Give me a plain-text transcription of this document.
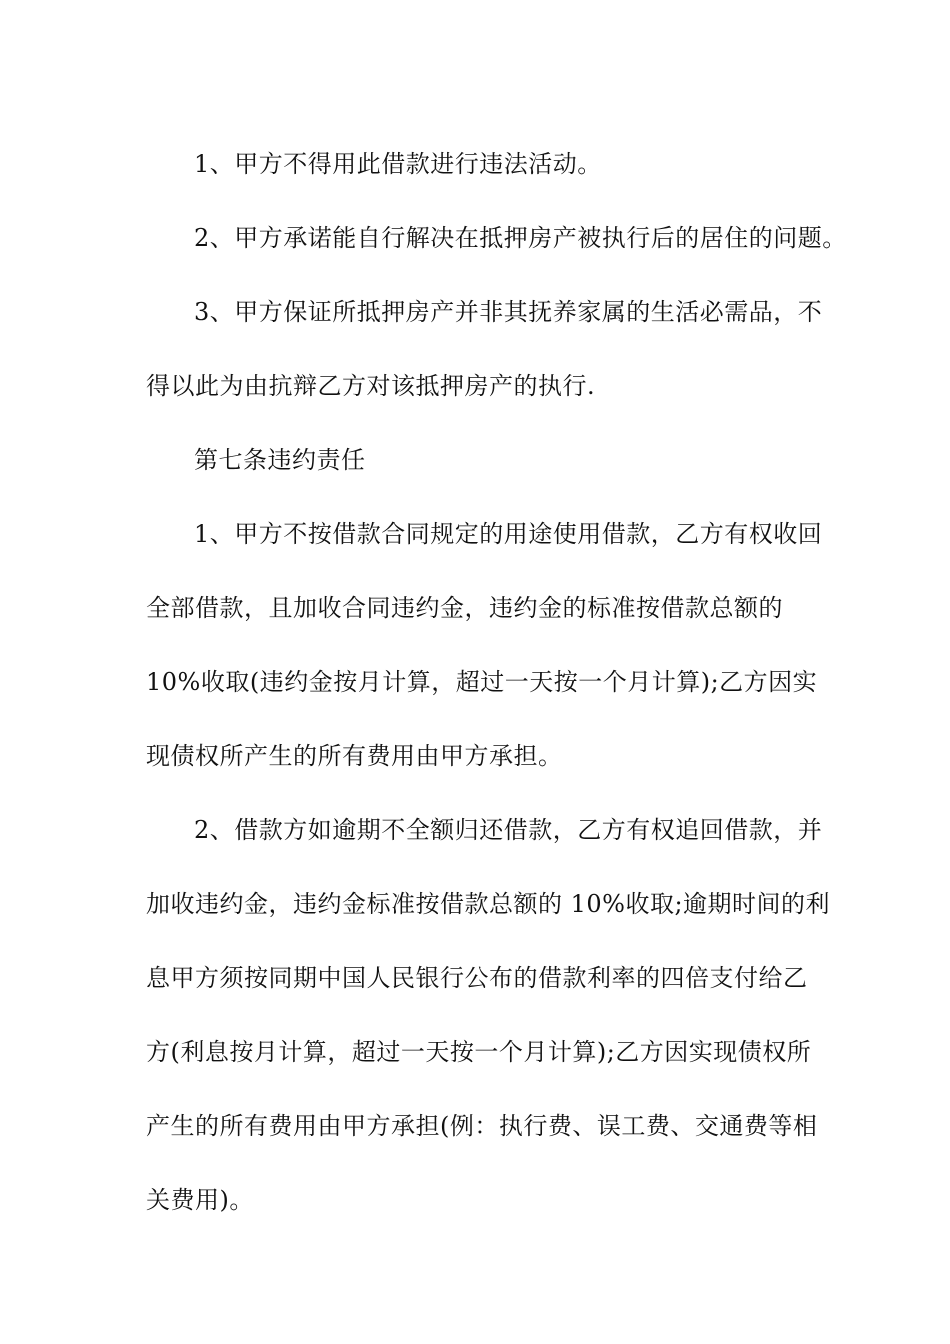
1、甲方不得用此借款进行违法活动。
2、甲方承诺能自行解决在抵押房产被执行后的居住的问题。
3、甲方保证所抵押房产并非其抚养家属的生活必需品，不
得以此为由抗辩乙方对该抵押房产的执行.
第七条违约责任
1、甲方不按借款合同规定的用途使用借款，乙方有权收回
全部借款，且加收合同违约金，违约金的标准按借款总额的
10%收取(违约金按月计算，超过一天按一个月计算);乙方因实
现债权所产生的所有费用由甲方承担。
2、借款方如逾期不全额归还借款，乙方有权追回借款，并
加收违约金，违约金标准按借款总额的 10%收取;逾期时间的利
息甲方须按同期中国人民银行公布的借款利率的四倍支付给乙
方(利息按月计算，超过一天按一个月计算);乙方因实现债权所
产生的所有费用由甲方承担(例：执行费、误工费、交通费等相
关费用)。
